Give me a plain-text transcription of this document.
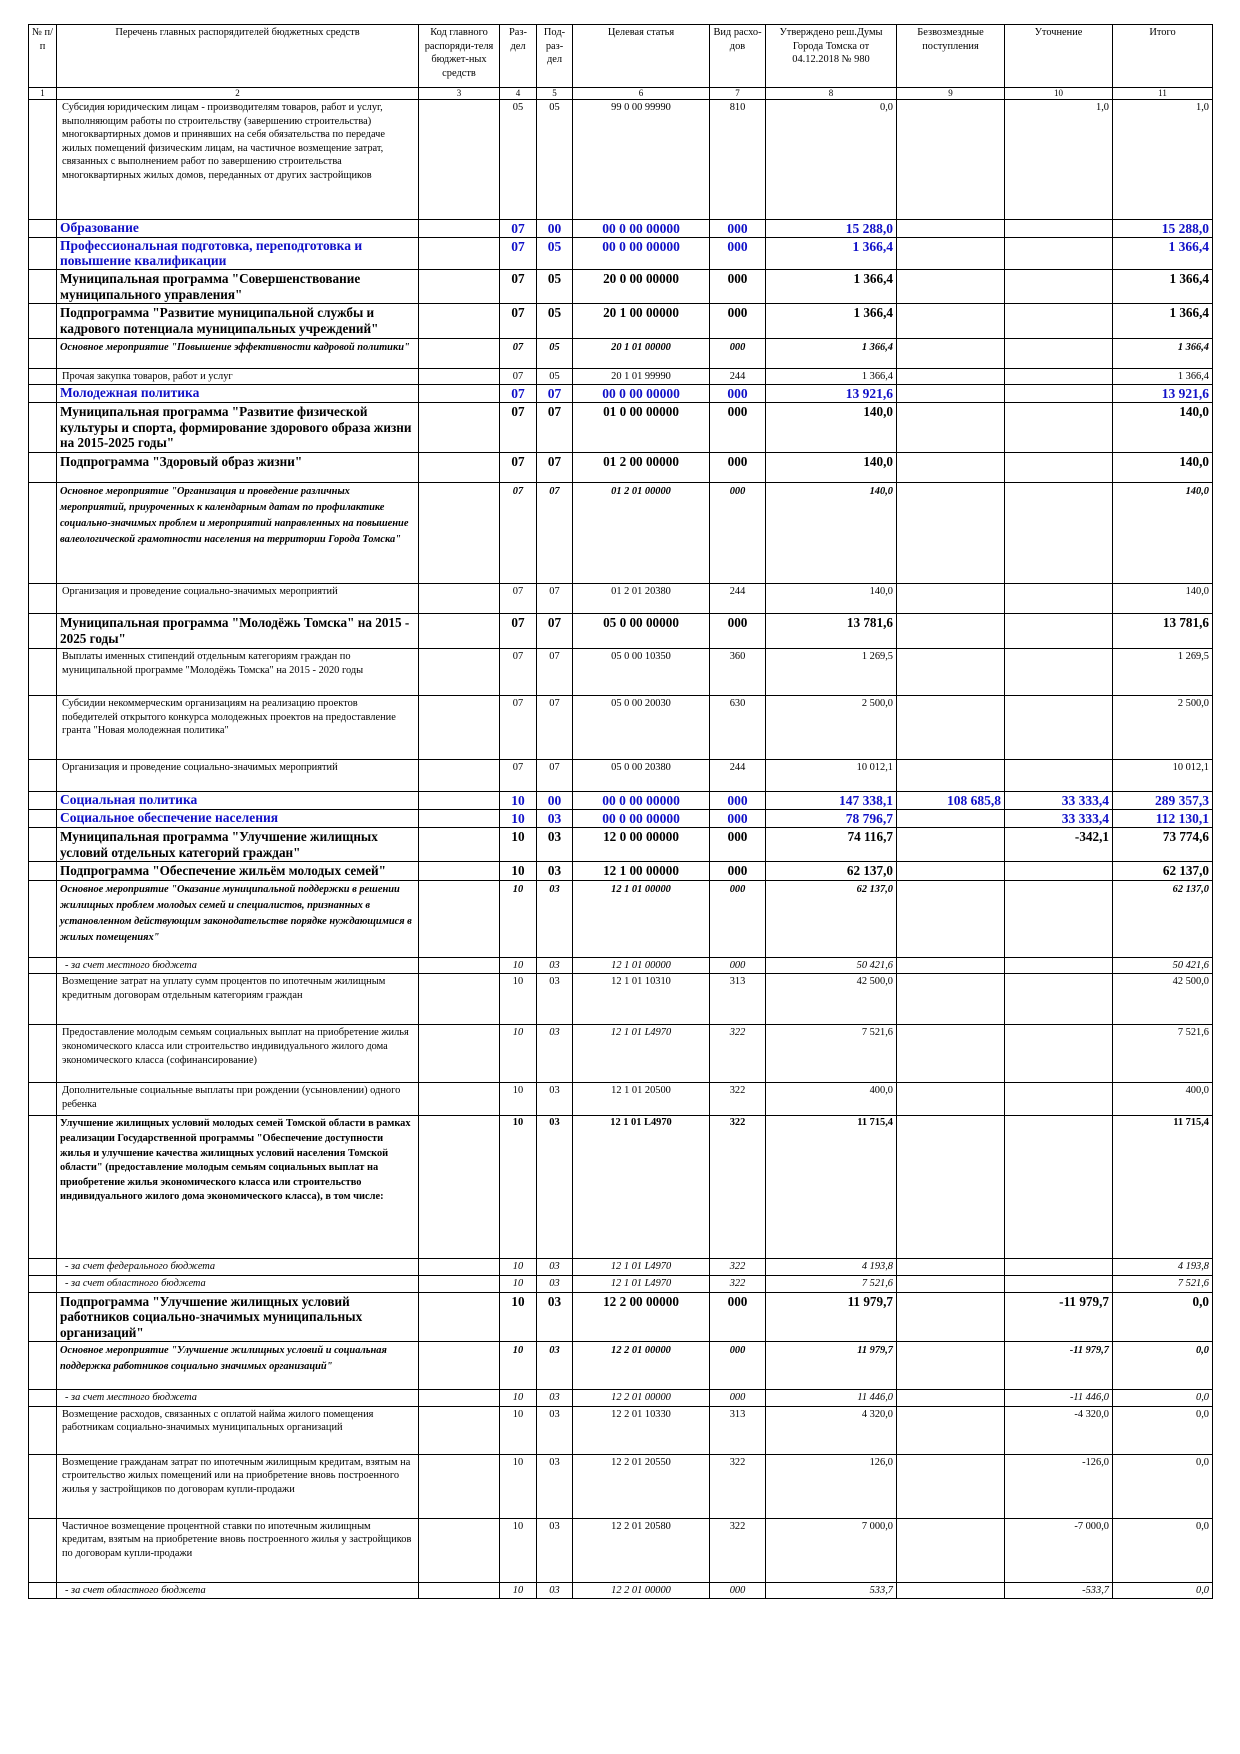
№ п/п	Перечень главных распорядителей бюджетных средств	Код главного распоряди-теля бюджет-ных средств	Раз-дел	Под-раз-дел	Целевая статья	Вид расхо-дов	Утверждено реш.Думы Города Томска от 04.12.2018 № 980	Безвозмездные поступления	Уточнение	Итого
1	2	3	4	5	6	7	8	9	10	11
	Субсидия юридическим лицам - производителям товаров, работ и услуг, выполняющим работы по строительству (завершению строительства) многоквартирных домов и принявших на себя обязательства по передаче жилых помещений физическим лицам, на частичное возмещение затрат, связанных с выполнением работ по завершению строительства многоквартирных жилых домов, переданных от других застройщиков		05	05	99 0 00 99990	810	0,0		1,0	1,0
	Образование		07	00	00 0 00 00000	000	15 288,0			15 288,0
	Профессиональная подготовка, переподготовка и повышение квалификации		07	05	00 0 00 00000	000	1 366,4			1 366,4
	Муниципальная программа "Совершенствование муниципального управления"		07	05	20 0 00 00000	000	1 366,4			1 366,4
	Подпрограмма "Развитие муниципальной службы и кадрового потенциала муниципальных учреждений"		07	05	20 1 00 00000	000	1 366,4			1 366,4
	Основное мероприятие "Повышение эффективности кадровой политики"		07	05	20 1 01 00000	000	1 366,4			1 366,4
	Прочая закупка товаров, работ и услуг		07	05	20 1 01 99990	244	1 366,4			1 366,4
	Молодежная политика		07	07	00 0 00 00000	000	13 921,6			13 921,6
	Муниципальная программа "Развитие физической культуры и спорта, формирование здорового образа жизни на 2015-2025 годы"		07	07	01 0 00 00000	000	140,0			140,0
	Подпрограмма "Здоровый образ жизни"		07	07	01 2 00 00000	000	140,0			140,0
	Основное мероприятие "Организация и проведение различных мероприятий, приуроченных к календарным датам по профилактике социально-значимых проблем и мероприятий направленных на повышение валеологической грамотности населения на территории Города Томска"		07	07	01 2 01 00000	000	140,0			140,0
	Организация и проведение социально-значимых мероприятий		07	07	01 2 01 20380	244	140,0			140,0
	Муниципальная программа "Молодёжь Томска" на 2015 - 2025 годы"		07	07	05 0 00 00000	000	13 781,6			13 781,6
	Выплаты именных стипендий отдельным категориям граждан по муниципальной программе "Молодёжь Томска" на 2015 - 2020 годы		07	07	05 0 00 10350	360	1 269,5			1 269,5
	Субсидии некоммерческим организациям на реализацию проектов победителей открытого конкурса молодежных проектов на предоставление гранта "Новая молодежная политика"		07	07	05 0 00 20030	630	2 500,0			2 500,0
	Организация и проведение социально-значимых мероприятий		07	07	05 0 00 20380	244	10 012,1			10 012,1
	Социальная политика		10	00	00 0 00 00000	000	147 338,1	108 685,8	33 333,4	289 357,3
	Социальное обеспечение населения		10	03	00 0 00 00000	000	78 796,7		33 333,4	112 130,1
	Муниципальная программа "Улучшение жилищных условий отдельных категорий граждан"		10	03	12 0 00 00000	000	74 116,7		-342,1	73 774,6
	Подпрограмма "Обеспечение жильём молодых семей"		10	03	12 1 00 00000	000	62 137,0			62 137,0
	Основное мероприятие "Оказание муниципальной поддержки в решении жилищных проблем молодых семей и специалистов, признанных в установленном действующим законодательстве порядке нуждающимися в жилых помещениях"		10	03	12 1 01 00000	000	62 137,0			62 137,0
	- за счет местного бюджета		10	03	12 1 01 00000	000	50 421,6			50 421,6
	Возмещение затрат на уплату сумм процентов по ипотечным жилищным кредитным договорам отдельным категориям граждан		10	03	12 1 01 10310	313	42 500,0			42 500,0
	Предоставление молодым семьям социальных выплат на приобретение жилья экономического класса или строительство индивидуального жилого дома экономического класса (софинансирование)		10	03	12 1 01 L4970	322	7 521,6			7 521,6
	Дополнительные социальные выплаты при рождении (усыновлении) одного ребенка		10	03	12 1 01 20500	322	400,0			400,0
	Улучшение жилищных условий молодых семей Томской области в рамках реализации Государственной программы "Обеспечение доступности жилья и улучшение качества жилищных условий населения Томской области" (предоставление молодым семьям социальных выплат на приобретение жилья экономического класса или строительство индивидуального жилого дома экономического класса), в том числе:		10	03	12 1 01 L4970	322	11 715,4			11 715,4
	- за счет федерального бюджета		10	03	12 1 01 L4970	322	4 193,8			4 193,8
	- за счет областного бюджета		10	03	12 1 01 L4970	322	7 521,6			7 521,6
	Подпрограмма "Улучшение жилищных условий работников социально-значимых муниципальных организаций"		10	03	12 2 00 00000	000	11 979,7		-11 979,7	0,0
	Основное мероприятие "Улучшение жилищных условий и социальная поддержка работников социально значимых организаций"		10	03	12 2 01 00000	000	11 979,7		-11 979,7	0,0
	- за счет местного бюджета		10	03	12 2 01 00000	000	11 446,0		-11 446,0	0,0
	Возмещение расходов, связанных с оплатой найма жилого помещения работникам социально-значимых муниципальных организаций		10	03	12 2 01 10330	313	4 320,0		-4 320,0	0,0
	Возмещение гражданам затрат по ипотечным жилищным кредитам, взятым на строительство жилых помещений или на приобретение вновь построенного жилья у застройщиков по договорам купли-продажи		10	03	12 2 01 20550	322	126,0		-126,0	0,0
	Частичное возмещение процентной ставки по ипотечным жилищным кредитам, взятым на приобретение вновь построенного жилья у застройщиков по договорам купли-продажи		10	03	12 2 01 20580	322	7 000,0		-7 000,0	0,0
	- за счет областного бюджета		10	03	12 2 01 00000	000	533,7		-533,7	0,0
